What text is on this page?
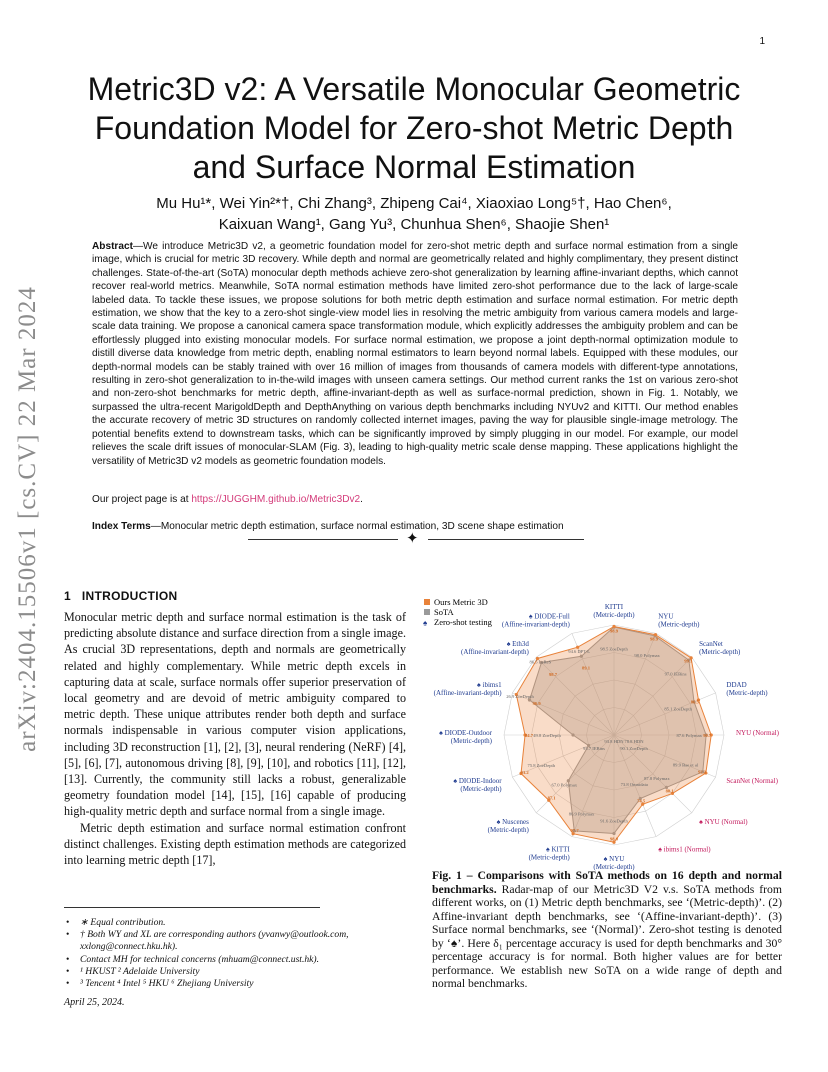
1
arXiv:2404.15506v1 [cs.CV] 22 Mar 2024
Metric3D v2: A Versatile Monocular Geometric Foundation Model for Zero-shot Metric Depth and Surface Normal Estimation
Mu Hu¹*, Wei Yin²*†, Chi Zhang³, Zhipeng Cai⁴, Xiaoxiao Long⁵†, Hao Chen⁶,
Kaixuan Wang¹, Gang Yu³, Chunhua Shen⁶, Shaojie Shen¹
Abstract—We introduce Metric3D v2, a geometric foundation model for zero-shot metric depth and surface normal estimation from a single image, which is crucial for metric 3D recovery. While depth and normal are geometrically related and highly complimentary, they present distinct challenges. State-of-the-art (SoTA) monocular depth methods achieve zero-shot generalization by learning affine-invariant depths, which cannot recover real-world metrics. Meanwhile, SoTA normal estimation methods have limited zero-shot performance due to the lack of large-scale labeled data. To tackle these issues, we propose solutions for both metric depth estimation and surface normal estimation. For metric depth estimation, we show that the key to a zero-shot single-view model lies in resolving the metric ambiguity from various camera models and large-scale data training. We propose a canonical camera space transformation module, which explicitly addresses the ambiguity problem and can be effortlessly plugged into existing monocular models. For surface normal estimation, we propose a joint depth-normal optimization module to distill diverse data knowledge from metric depth, enabling normal estimators to learn beyond normal labels. Equipped with these modules, our depth-normal models can be stably trained with over 16 million of images from thousands of camera models with different-type annotations, resulting in zero-shot generalization to in-the-wild images with unseen camera settings. Our method current ranks the 1st on various zero-shot and non-zero-shot benchmarks for metric depth, affine-invariant-depth as well as surface-normal prediction, shown in Fig. 1. Notably, we surpassed the ultra-recent MarigoldDepth and DepthAnything on various depth benchmarks including NYUv2 and KITTI. Our method enables the accurate recovery of metric 3D structures on randomly collected internet images, paving the way for plausible single-image metrology. The potential benefits extend to downstream tasks, which can be significantly improved by simply plugging in our model. For example, our model relieves the scale drift issues of monocular-SLAM (Fig. 3), leading to high-quality metric scale dense mapping. These applications highlight the versatility of Metric3D v2 models as geometric foundation models.
Our project page is at https://JUGGHM.github.io/Metric3Dv2.
Index Terms—Monocular metric depth estimation, surface normal estimation, 3D scene shape estimation
✦
1 INTRODUCTION

Monocular metric depth and surface normal estimation is the task of predicting absolute distance and surface direction from a single image. As crucial 3D representations, depth and normals are geometrically related and highly complementary. While metric depth excels in capturing data at scale, surface normals offer superior preservation of local geometry and are devoid of metric ambiguity compared to metric depth. These unique attributes render both depth and surface normals indispensable in various computer vision applications, including 3D reconstruction [1], [2], [3], neural rendering (NeRF) [4], [5], [6], [7], autonomous driving [8], [9], [10], and robotics [11], [12], [13]. Currently, the community still lacks a robust, generalizable geometry foundation model [14], [15], [16] capable of producing high-quality metric depth and surface normal from a single image.

Metric depth estimation and surface normal estimation confront distinct challenges. Existing depth estimation methods are categorized into learning metric depth [17],

• ∗ Equal contribution.
• † Both WY and XL are corresponding authors (yvanwy@outlook.com, xxlong@connect.hku.hk).
• Contact MH for technical concerns (mhuam@connect.ust.hk).
• ¹ HKUST ² Adelaide University
• ³ Tencent ⁴ Intel ⁵ HKU ⁶ Zhejiang University
April 25, 2024.
Ours Metric 3D
SoTA
♠ Zero-shot testing
98.9
98.5 ZoeDepth
98.9
98.0 Polymax
99.3
97.0 IEBins
86.5
85.1 ZoeDepth
90.7
87.6 Polymax
92.3
89.9 Bae et al
80.1
87.8 Polymax
74.5
73.8 Omnidata
98.0
91.6 ZoeDepth
97.7
86.9 Polymax
87.1
67.0 Polymax
93.2
75.8 ZoeDepth
84.7 49.8 ZoeDepth
26.9 ZoeDepth
96.9
86.5 LeReS
98.7
94.6 DPT-L
89.1
78.8 HDN
95.7 IEBins
93.8 HDN
90.1 ZoeDepth
KITTI
(Metric-depth)	NYU
(Metric-depth)
ScanNet
(Metric-depth)
DDAD
(Metric-depth)
NYU (Normal)
ScanNet (Normal)
♠ NYU (Normal)
♠ ibims1 (Normal)
♠ NYU
(Metric-depth)
♠ KITTI
(Metric-depth)
♠ Nuscenes
(Metric-depth)
♠ DIODE-Indoor
(Metric-depth)
♠ DIODE-Outdoor
(Metric-depth)
♠ ibims1
(Affine-invariant-depth)
♠ Eth3d
(Affine-invariant-depth)
♠ DIODE-Full
(Affine-invariant-depth)
Fig. 1 – Comparisons with SoTA methods on 16 depth and normal benchmarks. Radar-map of our Metric3D V2 v.s. SoTA methods from different works, on (1) Metric depth benchmarks, see ‘(Metric-depth)’. (2) Affine-invariant depth benchmarks, see ‘(Affine-invariant-depth)’. (3) Surface normal benchmarks, see ‘(Normal)’. Zero-shot testing is denoted by ‘♠’. Here δ₁ percentage accuracy is used for depth benchmarks and 30° percentage accuracy is for normal. Both higher values are for better performance. We establish new SoTA on a wide range of depth and normal benchmarks.
